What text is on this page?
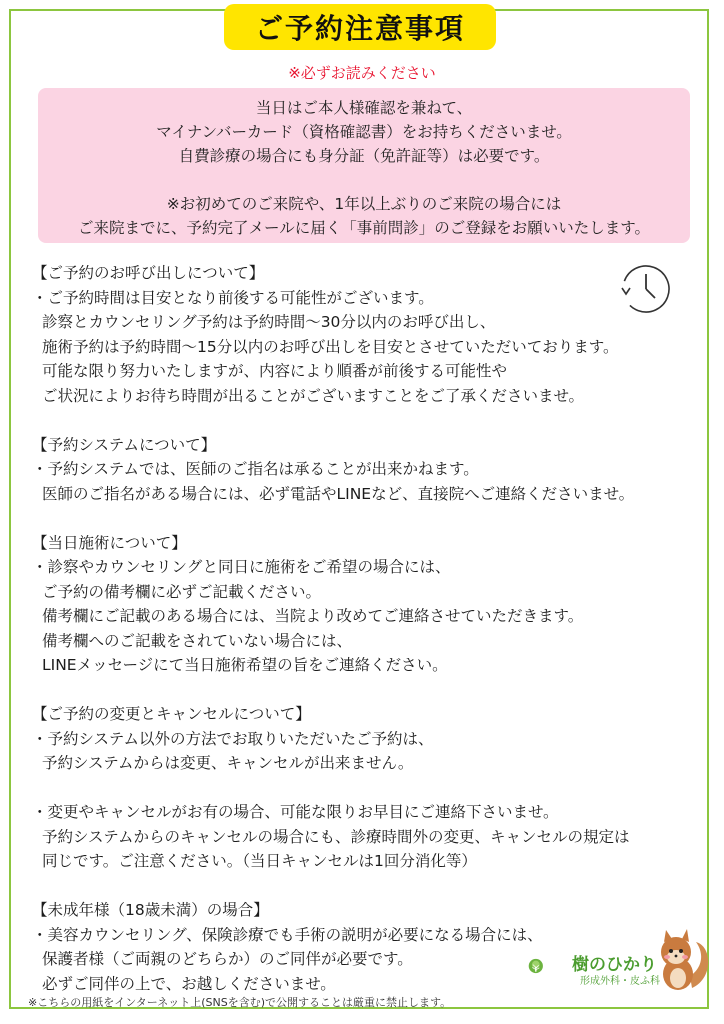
ご予約注意事項
※必ずお読みください
当日はご本人様確認を兼ねて、
マイナンバーカード（資格確認書）をお持ちくださいませ。
自費診療の場合にも身分証（免許証等）は必要です。
※お初めてのご来院や、1年以上ぶりのご来院の場合には
ご来院までに、予約完了メールに届く「事前問診」のご登録をお願いいたします。
【ご予約のお呼び出しについて】
・ご予約時間は目安となり前後する可能性がございます。
診察とカウンセリング予約は予約時間〜30分以内のお呼び出し、
施術予約は予約時間〜15分以内のお呼び出しを目安とさせていただいております。
可能な限り努力いたしますが、内容により順番が前後する可能性や
ご状況によりお待ち時間が出ることがございますことをご了承くださいませ。
【予約システムについて】
・予約システムでは、医師のご指名は承ることが出来かねます。
医師のご指名がある場合には、必ず電話やLINEなど、直接院へご連絡くださいませ。
【当日施術について】
・診察やカウンセリングと同日に施術をご希望の場合には、
ご予約の備考欄に必ずご記載ください。
備考欄にご記載のある場合には、当院より改めてご連絡させていただきます。
備考欄へのご記載をされていない場合には、
LINEメッセージにて当日施術希望の旨をご連絡ください。
【ご予約の変更とキャンセルについて】
・予約システム以外の方法でお取りいただいたご予約は、
予約システムからは変更、キャンセルが出来ません。
・変更やキャンセルがお有の場合、可能な限りお早目にご連絡下さいませ。
予約システムからのキャンセルの場合にも、診療時間外の変更、キャンセルの規定は
同じです。ご注意ください。（当日キャンセルは1回分消化等）
【未成年様（18歳未満）の場合】
・美容カウンセリング、保険診療でも手術の説明が必要になる場合には、
保護者様（ご両親のどちらか）のご同伴が必要です。
必ずご同伴の上で、お越しくださいませ。
樹のひかり
形成外科・皮ふ科
※こちらの用紙をインターネット上(SNSを含む)で公開することは厳重に禁止します。
